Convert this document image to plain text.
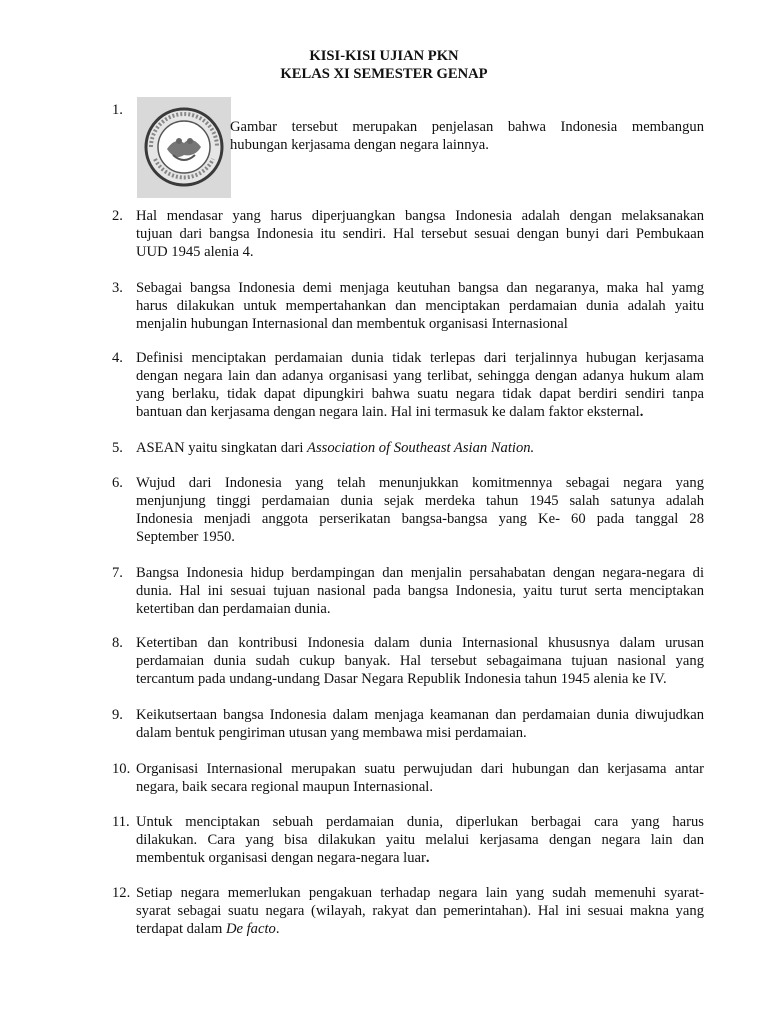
KISI-KISI UJIAN PKN
KELAS XI SEMESTER GENAP
1.
Gambar tersebut merupakan penjelasan bahwa Indonesia membangun
hubungan kerjasama dengan negara lainnya.
2. Hal mendasar yang harus diperjuangkan bangsa Indonesia adalah dengan melaksanakan
tujuan dari bangsa Indonesia itu sendiri. Hal tersebut sesuai dengan bunyi dari Pembukaan
UUD 1945 alenia 4.
3. Sebagai bangsa Indonesia demi menjaga keutuhan bangsa dan negaranya, maka hal yamg
harus dilakukan untuk mempertahankan dan menciptakan perdamaian dunia adalah yaitu
menjalin hubungan Internasional dan membentuk organisasi Internasional
4. Definisi menciptakan perdamaian dunia tidak terlepas dari terjalinnya hubugan kerjasama
dengan negara lain dan adanya organisasi yang terlibat, sehingga dengan adanya hukum alam
yang berlaku, tidak dapat dipungkiri bahwa suatu negara tidak dapat berdiri sendiri tanpa
bantuan dan kerjasama dengan negara lain. Hal ini termasuk ke dalam faktor eksternal.
5. ASEAN yaitu singkatan dari Association of Southeast Asian Nation.
6. Wujud dari Indonesia yang telah menunjukkan komitmennya sebagai negara yang
menjunjung tinggi perdamaian dunia sejak merdeka tahun 1945 salah satunya adalah
Indonesia menjadi anggota perserikatan bangsa-bangsa yang Ke- 60 pada tanggal 28
September 1950.
7. Bangsa Indonesia hidup berdampingan dan menjalin persahabatan dengan negara-negara di
dunia. Hal ini sesuai tujuan nasional pada bangsa Indonesia, yaitu turut serta menciptakan
ketertiban dan perdamaian dunia.
8. Ketertiban dan kontribusi Indonesia dalam dunia Internasional khususnya dalam urusan
perdamaian dunia sudah cukup banyak. Hal tersebut sebagaimana tujuan nasional yang
tercantum pada undang-undang Dasar Negara Republik Indonesia tahun 1945 alenia ke IV.
9. Keikutsertaan bangsa Indonesia dalam menjaga keamanan dan perdamaian dunia diwujudkan
dalam bentuk pengiriman utusan yang membawa misi perdamaian.
10. Organisasi Internasional merupakan suatu perwujudan dari hubungan dan kerjasama antar
negara, baik secara regional maupun Internasional.
11. Untuk menciptakan sebuah perdamaian dunia, diperlukan berbagai cara yang harus
dilakukan. Cara yang bisa dilakukan yaitu melalui kerjasama dengan negara lain dan
membentuk organisasi dengan negara-negara luar.
12. Setiap negara memerlukan pengakuan terhadap negara lain yang sudah memenuhi syarat-
syarat sebagai suatu negara (wilayah, rakyat dan pemerintahan). Hal ini sesuai makna yang
terdapat dalam De facto.
